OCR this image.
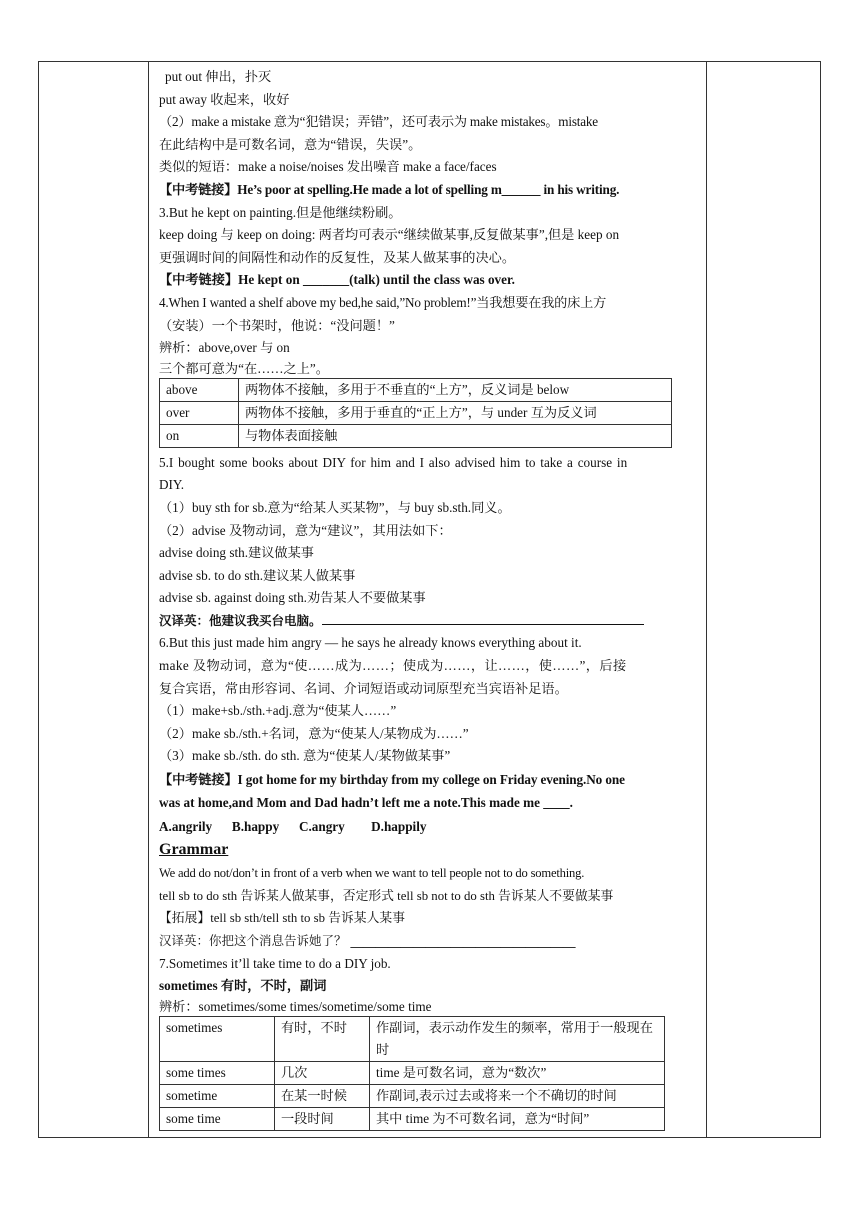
put out 伸出，扑灭
put away 收起来，收好
（2）make a mistake 意为“犯错误；弄错”，还可表示为 make mistakes。mistake
在此结构中是可数名词，意为“错误，失误”。
类似的短语：make a noise/noises 发出噪音 make a face/faces
【中考链接】He’s poor at spelling.He made a lot of spelling m______ in his writing.
3.But he kept on painting.但是他继续粉刷。
keep doing 与 keep on doing: 两者均可表示“继续做某事,反复做某事”,但是 keep on
更强调时间的间隔性和动作的反复性，及某人做某事的决心。
【中考链接】He kept on _______(talk) until the class was over.
4.When I wanted a shelf above my bed,he said,”No problem!”当我想要在我的床上方
（安装）一个书架时，他说：“没问题！”
辨析：above,over 与 on
三个都可意为“在……之上”。
above	两物体不接触，多用于不垂直的“上方”，反义词是 below
over	两物体不接触，多用于垂直的“正上方”，与 under 互为反义词
on	与物体表面接触
5.I bought some books about DIY for him and I also advised him to take a course in
DIY.
（1）buy sth for sb.意为“给某人买某物”，与 buy sb.sth.同义。
（2）advise 及物动词，意为“建议”，其用法如下：
advise doing sth.建议做某事
advise sb. to do sth.建议某人做某事
advise sb. against doing sth.劝告某人不要做某事
汉译英：他建议我买台电脑。
6.But this just made him angry — he says he already knows everything about it.
make 及物动词，意为“使……成为……；使成为……，让……，使……”，后接
复合宾语，常由形容词、名词、介词短语或动词原型充当宾语补足语。
（1）make+sb./sth.+adj.意为“使某人……”
（2）make sb./sth.+名词，意为“使某人/某物成为……”
（3）make sb./sth. do sth. 意为“使某人/某物做某事”
【中考链接】I got home for my birthday from my college on Friday evening.No one
was at home,and Mom and Dad hadn’t left me a note.This made me ____.
A.angrily      B.happy      C.angry        D.happily
Grammar
We add do not/don’t in front of a verb when we want to tell people not to do something.
tell sb to do sth 告诉某人做某事，否定形式 tell sb not to do sth 告诉某人不要做某事
【拓展】tell sb sth/tell sth to sb 告诉某人某事
汉译英：你把这个消息告诉她了？ ____________________________________
7.Sometimes it’ll take time to do a DIY job.
sometimes 有时，不时，副词
辨析：sometimes/some times/sometime/some time
sometimes	有时，不时	作副词，表示动作发生的频率，常用于一般现在时
some times	几次	time 是可数名词，意为“数次”
sometime	在某一时候	作副词,表示过去或将来一个不确切的时间
some time	一段时间	其中 time 为不可数名词，意为“时间”
